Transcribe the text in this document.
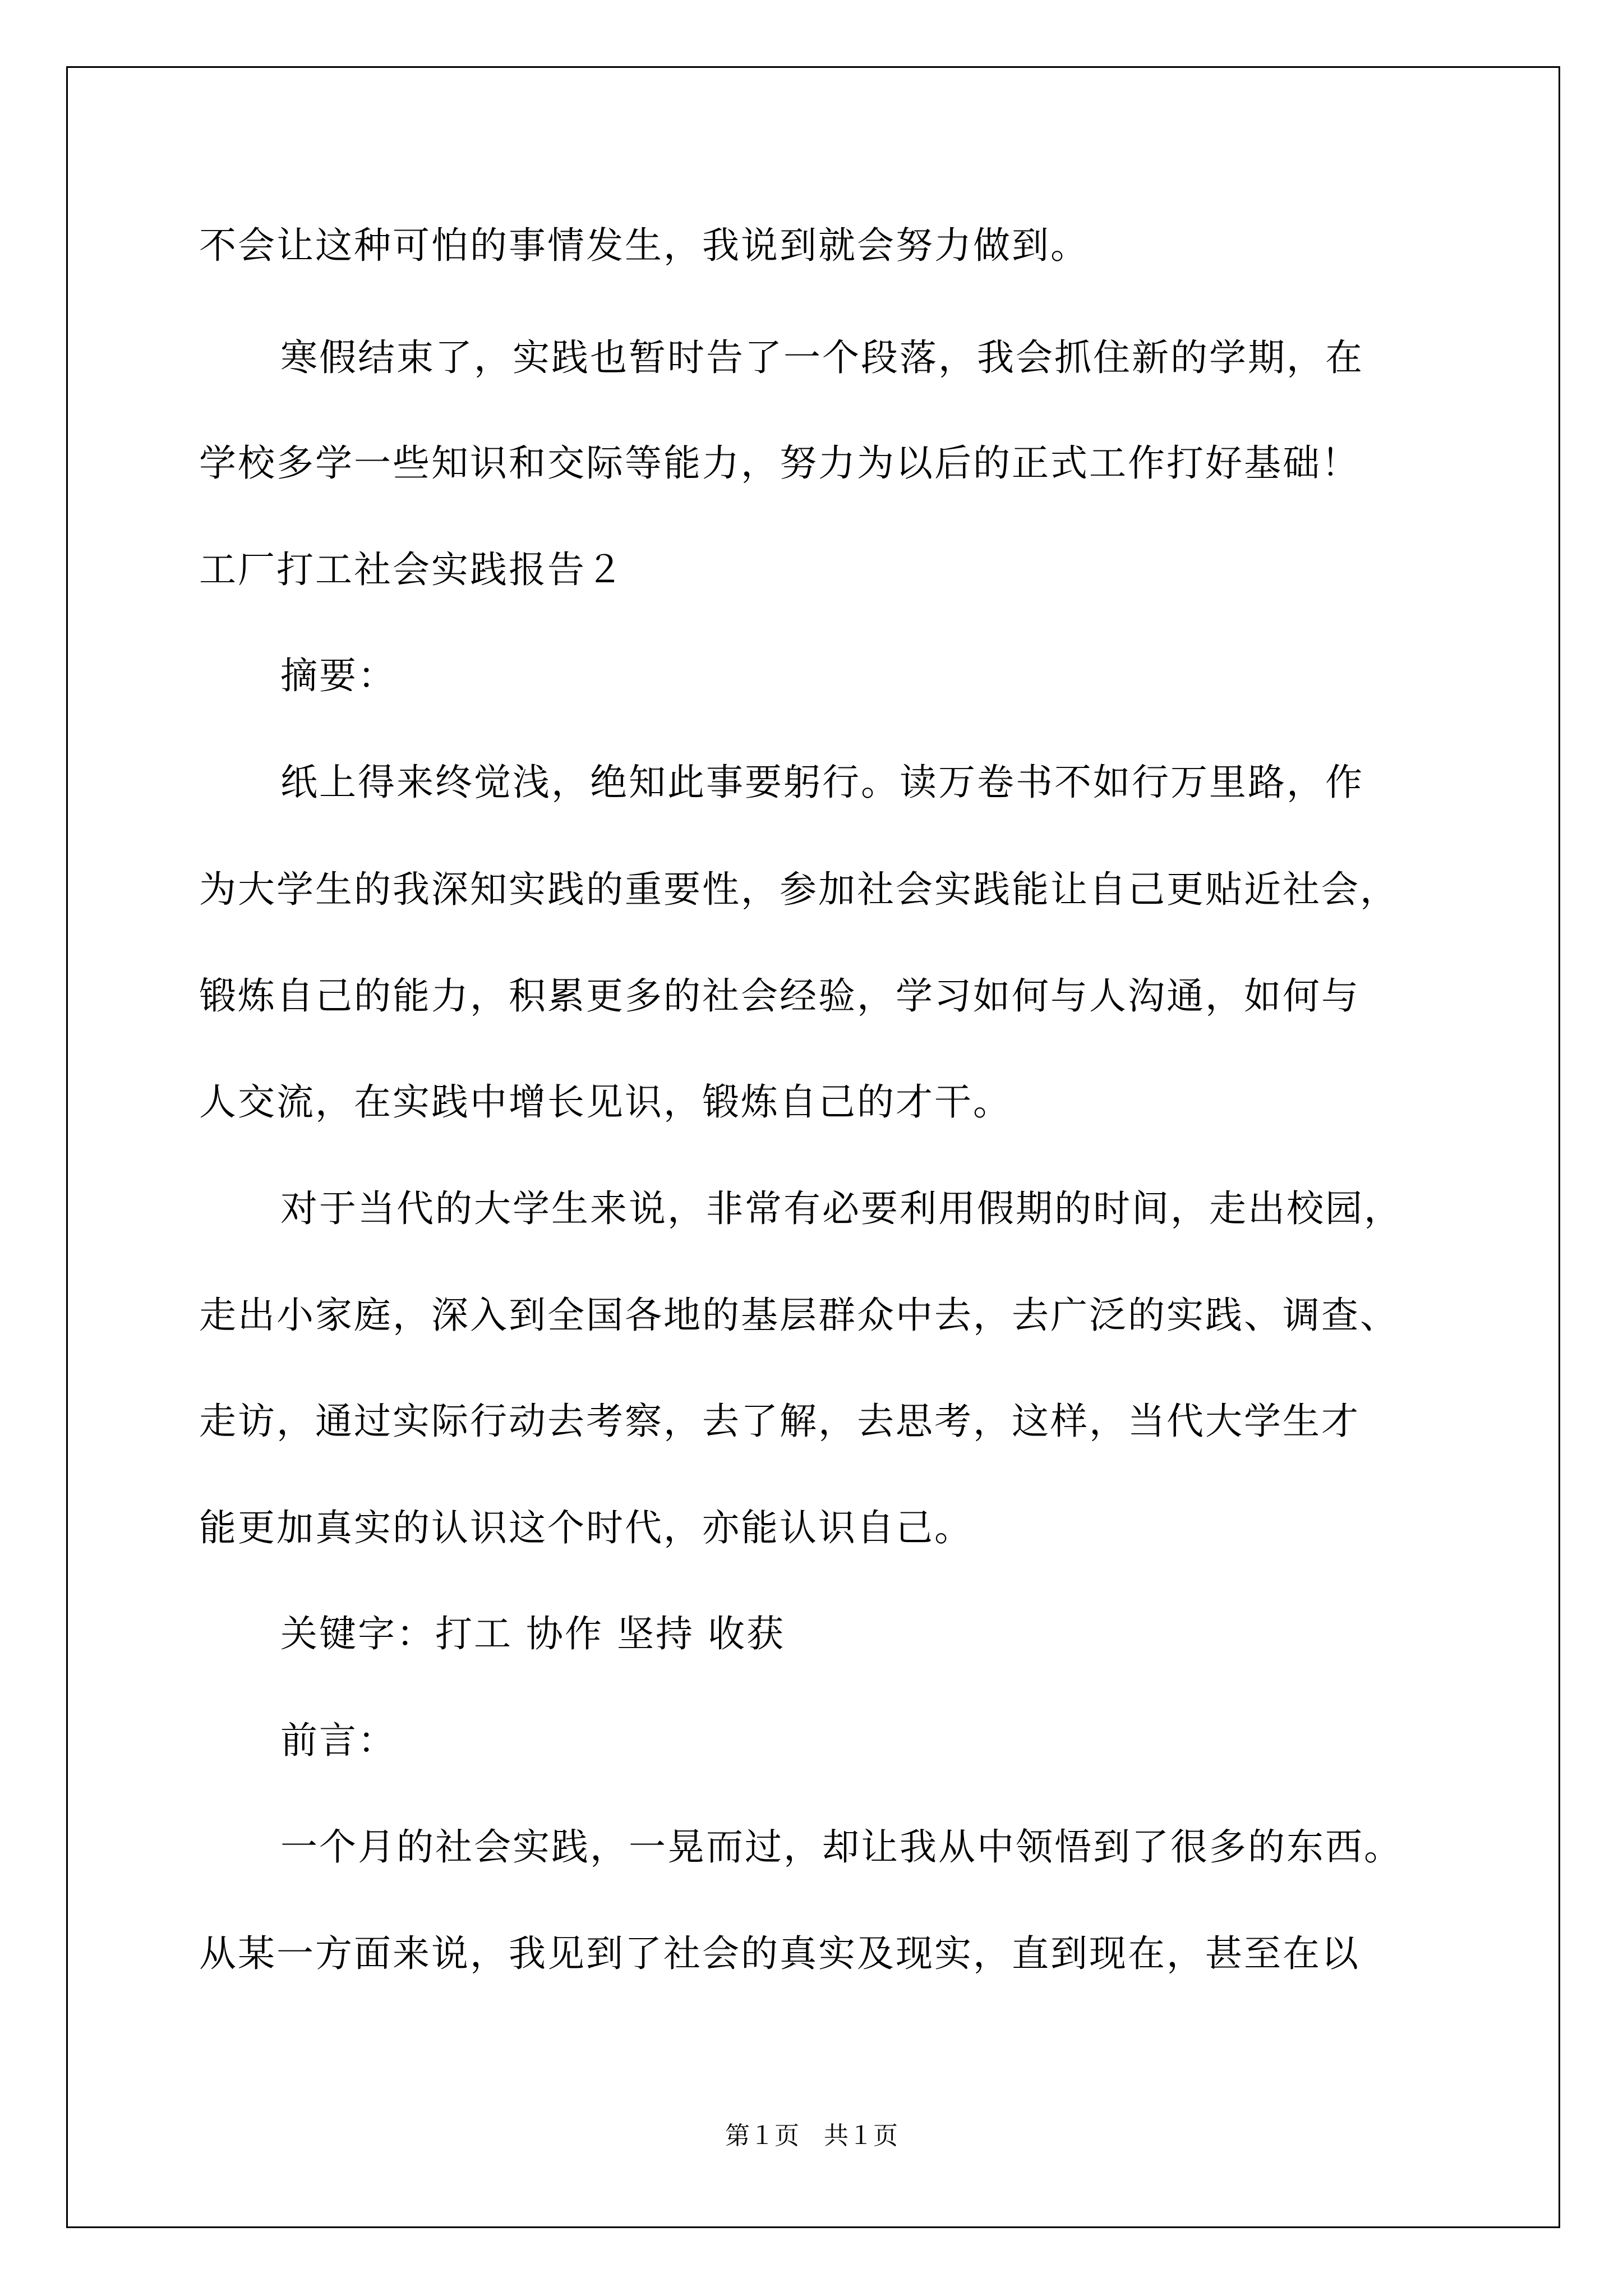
不会让这种可怕的事情发生，我说到就会努力做到。

寒假结束了，实践也暂时告了一个段落，我会抓住新的学期，在

学校多学一些知识和交际等能力，努力为以后的正式工作打好基础！

工厂打工社会实践报告２

摘要：

纸上得来终觉浅，绝知此事要躬行。读万卷书不如行万里路，作

为大学生的我深知实践的重要性，参加社会实践能让自己更贴近社会，

锻炼自己的能力，积累更多的社会经验，学习如何与人沟通，如何与

人交流，在实践中增长见识，锻炼自己的才干。

对于当代的大学生来说，非常有必要利用假期的时间，走出校园，

走出小家庭，深入到全国各地的基层群众中去，去广泛的实践、调查、

走访，通过实际行动去考察，去了解，去思考，这样，当代大学生才

能更加真实的认识这个时代，亦能认识自己。

关键字：打工 协作 坚持 收获

前言：

一个月的社会实践，一晃而过，却让我从中领悟到了很多的东西。

从某一方面来说，我见到了社会的真实及现实，直到现在，甚至在以

第１页　共１页
